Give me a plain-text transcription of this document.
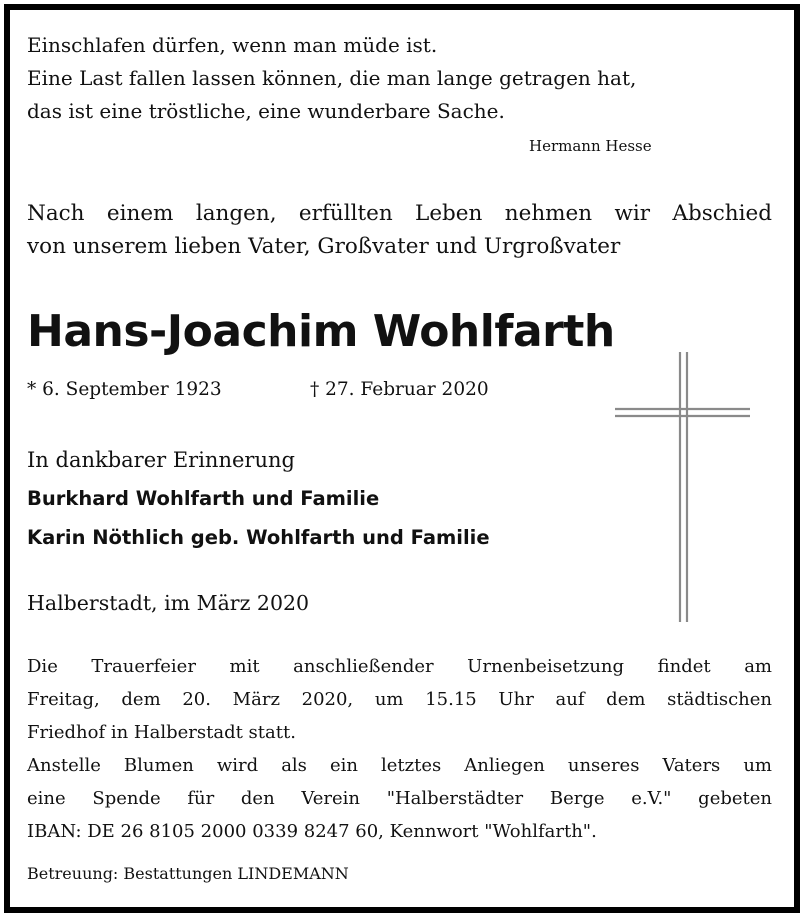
Einschlafen dürfen, wenn man müde ist.

Eine Last fallen lassen können, die man lange getragen hat,

das ist eine tröstliche, eine wunderbare Sache.

Hermann Hesse

Nach einem langen, erfüllten Leben nehmen wir Abschied

von unserem lieben Vater, Großvater und Urgroßvater

Hans-Joachim Wohlfarth

* 6. September 1923	† 27. Februar 2020

In dankbarer Erinnerung

Burkhard Wohlfarth und Familie

Karin Nöthlich geb. Wohlfarth und Familie

Halberstadt, im März 2020

Die Trauerfeier mit anschließender Urnenbeisetzung findet am

Freitag, dem 20. März 2020, um 15.15 Uhr auf dem städtischen

Friedhof in Halberstadt statt.

Anstelle Blumen wird als ein letztes Anliegen unseres Vaters um

eine Spende für den Verein "Halberstädter Berge e.V." gebeten

IBAN: DE 26 8105 2000 0339 8247 60, Kennwort "Wohlfarth".

Betreuung: Bestattungen LINDEMANN
